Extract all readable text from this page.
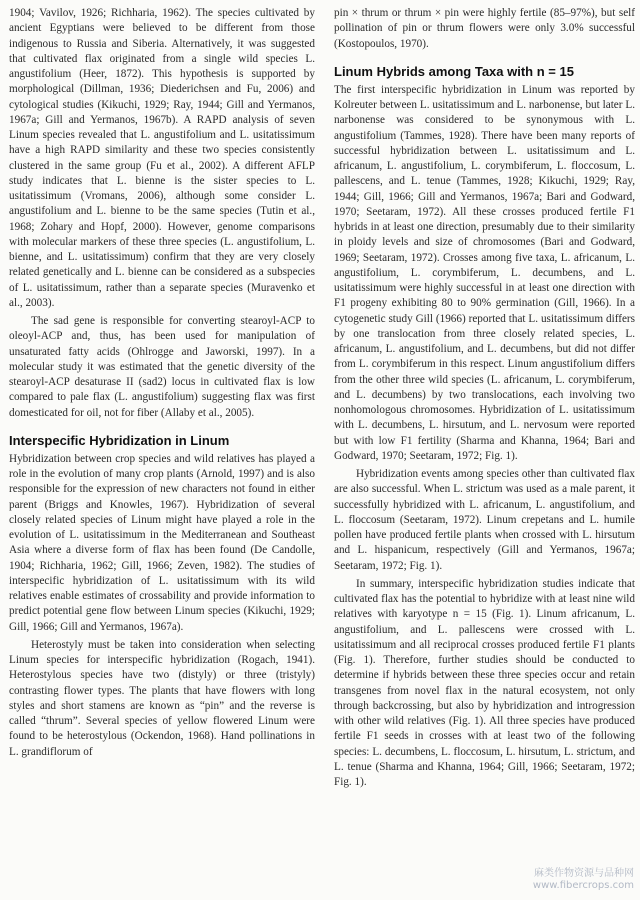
1904; Vavilov, 1926; Richharia, 1962). The species cultivated by ancient Egyptians were believed to be different from those indigenous to Russia and Siberia. Alternatively, it was suggested that cultivated flax originated from a single wild species L. angustifolium (Heer, 1872). This hypothesis is supported by morphological (Dillman, 1936; Diederichsen and Fu, 2006) and cytological studies (Kikuchi, 1929; Ray, 1944; Gill and Yermanos, 1967a; Gill and Yermanos, 1967b). A RAPD analysis of seven Linum species revealed that L. angustifolium and L. usitatissimum have a high RAPD similarity and these two species consistently clustered in the same group (Fu et al., 2002). A different AFLP study indicates that L. bienne is the sister species to L. usitatissimum (Vromans, 2006), although some consider L. angustifolium and L. bienne to be the same species (Tutin et al., 1968; Zohary and Hopf, 2000). However, genome comparisons with molecular markers of these three species (L. angustifolium, L. bienne, and L. usitatissimum) confirm that they are very closely related genetically and L. bienne can be considered as a subspecies of L. usitatissimum, rather than a separate species (Muravenko et al., 2003).

The sad gene is responsible for converting stearoyl-ACP to oleoyl-ACP and, thus, has been used for manipulation of unsaturated fatty acids (Ohlrogge and Jaworski, 1997). In a molecular study it was estimated that the genetic diversity of the stearoyl-ACP desaturase II (sad2) locus in cultivated flax is low compared to pale flax (L. angustifolium) suggesting flax was first domesticated for oil, not for fiber (Allaby et al., 2005).

Interspecific Hybridization in Linum

Hybridization between crop species and wild relatives has played a role in the evolution of many crop plants (Arnold, 1997) and is also responsible for the expression of new characters not found in either parent (Briggs and Knowles, 1967). Hybridization of several closely related species of Linum might have played a role in the evolution of L. usitatissimum in the Mediterranean and Southeast Asia where a diverse form of flax has been found (De Candolle, 1904; Richharia, 1962; Gill, 1966; Zeven, 1982). The studies of interspecific hybridization of L. usitatissimum with its wild relatives enable estimates of crossability and provide information to predict potential gene flow between Linum species (Kikuchi, 1929; Gill, 1966; Gill and Yermanos, 1967a).

Heterostyly must be taken into consideration when selecting Linum species for interspecific hybridization (Rogach, 1941). Heterostylous species have two (distyly) or three (tristyly) contrasting flower types. The plants that have flowers with long styles and short stamens are known as “pin” and the reverse is called “thrum”. Several species of yellow flowered Linum were found to be heterostylous (Ockendon, 1968). Hand pollinations in L. grandiflorum of

pin × thrum or thrum × pin were highly fertile (85–97%), but self pollination of pin or thrum flowers were only 3.0% successful (Kostopoulos, 1970).

Linum Hybrids among Taxa with n = 15

The first interspecific hybridization in Linum was reported by Kolreuter between L. usitatissimum and L. narbonense, but later L. narbonense was considered to be synonymous with L. angustifolium (Tammes, 1928). There have been many reports of successful hybridization between L. usitatissimum and L. africanum, L. angustifolium, L. corymbiferum, L. floccosum, L. pallescens, and L. tenue (Tammes, 1928; Kikuchi, 1929; Ray, 1944; Gill, 1966; Gill and Yermanos, 1967a; Bari and Godward, 1970; Seetaram, 1972). All these crosses produced fertile F1 hybrids in at least one direction, presumably due to their similarity in ploidy levels and size of chromosomes (Bari and Godward, 1969; Seetaram, 1972). Crosses among five taxa, L. africanum, L. angustifolium, L. corymbiferum, L. decumbens, and L. usitatissimum were highly successful in at least one direction with F1 progeny exhibiting 80 to 90% germination (Gill, 1966). In a cytogenetic study Gill (1966) reported that L. usitatissimum differs by one translocation from three closely related species, L. africanum, L. angustifolium, and L. decumbens, but did not differ from L. corymbiferum in this respect. Linum angustifolium differs from the other three wild species (L. africanum, L. corymbiferum, and L. decumbens) by two translocations, each involving two nonhomologous chromosomes. Hybridization of L. usitatissimum with L. decumbens, L. hirsutum, and L. nervosum were reported but with low F1 fertility (Sharma and Khanna, 1964; Bari and Godward, 1970; Seetaram, 1972; Fig. 1).

Hybridization events among species other than cultivated flax are also successful. When L. strictum was used as a male parent, it successfully hybridized with L. africanum, L. angustifolium, and L. floccosum (Seetaram, 1972). Linum crepetans and L. humile pollen have produced fertile plants when crossed with L. hirsutum and L. hispanicum, respectively (Gill and Yermanos, 1967a; Seetaram, 1972; Fig. 1).

In summary, interspecific hybridization studies indicate that cultivated flax has the potential to hybridize with at least nine wild relatives with karyotype n = 15 (Fig. 1). Linum africanum, L. angustifolium, and L. pallescens were crossed with L. usitatissimum and all reciprocal crosses produced fertile F1 plants (Fig. 1). Therefore, further studies should be conducted to determine if hybrids between these three species occur and retain transgenes from novel flax in the natural ecosystem, not only through backcrossing, but also by hybridization and introgression with other wild relatives (Fig. 1). All three species have produced fertile F1 seeds in crosses with at least two of the following species: L. decumbens, L. floccosum, L. hirsutum, L. strictum, and L. tenue (Sharma and Khanna, 1964; Gill, 1966; Seetaram, 1972; Fig. 1).

麻类作物资源与品种网
www.fibercrops.com
